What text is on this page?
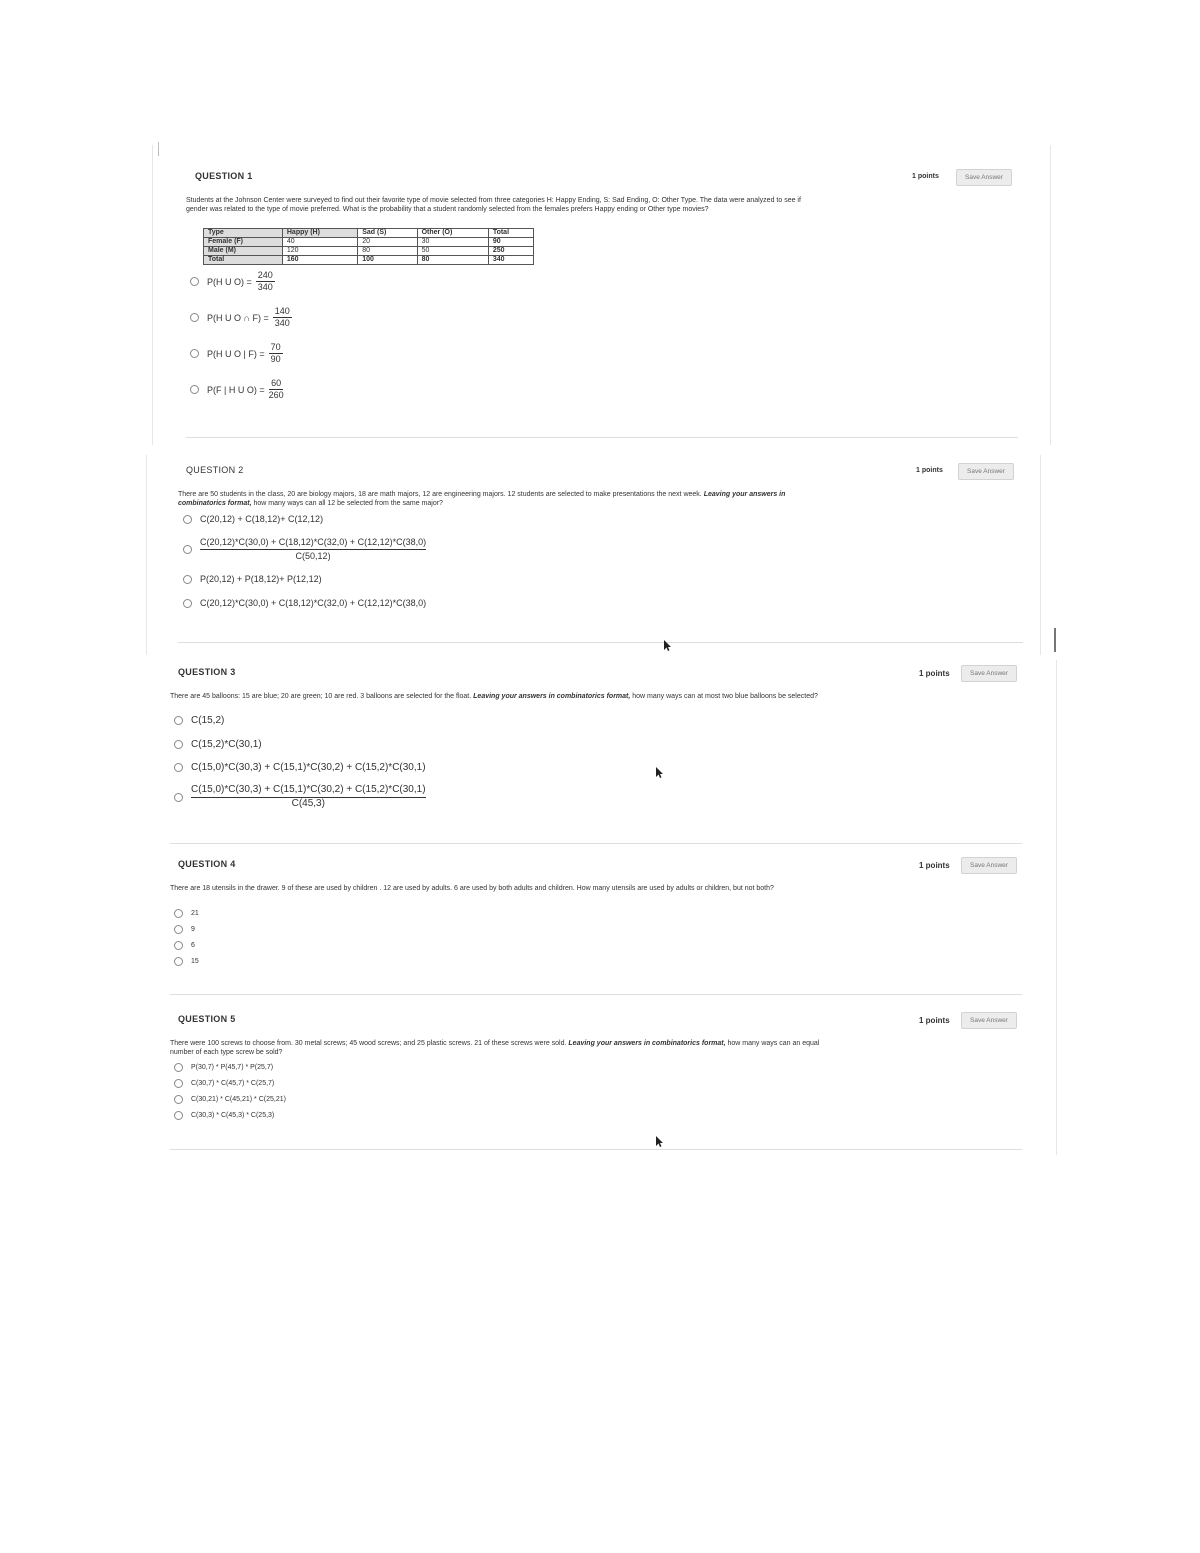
QUESTION 1	1 points	Save Answer
Students at the Johnson Center were surveyed to find out their favorite type of movie selected from three categories H: Happy Ending, S: Sad Ending, O: Other Type. The data were analyzed to see if gender was related to the type of movie preferred. What is the probability that a student randomly selected from the females prefers Happy ending or Other type movies?
Type	Happy (H)	Sad (S)	Other (O)	Total
Female (F)	40	20	30	90
Male (M)	120	80	50	250
Total	160	100	80	340
P(H U $O) = \frac{240}{340}$
P(H U O ∩ $F) = \frac{140}{340}$
P(H U O | $F) = \frac{70}{90}$
P(F | H U $O) = \frac{60}{260}$
QUESTION 2	1 points	Save Answer
There are 50 students in the class, 20 are biology majors, 18 are math majors, 12 are engineering majors. 12 students are selected to make presentations the next week. Leaving your answers in combinatorics format, how many ways can all 12 be selected from the same major?
C(20,12) + C(18,12)+ C(12,12)
$\frac{C(20,12)*C(30,0) + C(18,12)*C(32,0) + C(12,12)*C(38,0)}{C(50,12)}$
P(20,12) + P(18,12)+ P(12,12)
C(20,12)*C(30,0) + C(18,12)*C(32,0) + C(12,12)*C(38,0)
QUESTION 3	1 points	Save Answer
There are 45 balloons: 15 are blue; 20 are green; 10 are red. 3 balloons are selected for the float. Leaving your answers in combinatorics format, how many ways can at most two blue balloons be selected?
C(15,2)
C(15,2)*C(30,1)
C(15,0)*C(30,3) + C(15,1)*C(30,2) + C(15,2)*C(30,1)
$\frac{C(15,0)*C(30,3) + C(15,1)*C(30,2) + C(15,2)*C(30,1)}{C(45,3)}$
QUESTION 4	1 points	Save Answer
There are 18 utensils in the drawer. 9 of these are used by children . 12 are used by adults. 6 are used by both adults and children. How many utensils are used by adults or children, but not both?
21
9
6
15
QUESTION 5	1 points	Save Answer
There were 100 screws to choose from. 30 metal screws; 45 wood screws; and 25 plastic screws. 21 of these screws were sold. Leaving your answers in combinatorics format, how many ways can an equal number of each type screw be sold?
P(30,7) * P(45,7) * P(25,7)
C(30,7) * C(45,7) * C(25,7)
C(30,21) * C(45,21) * C(25,21)
C(30,3) * C(45,3) * C(25,3)
